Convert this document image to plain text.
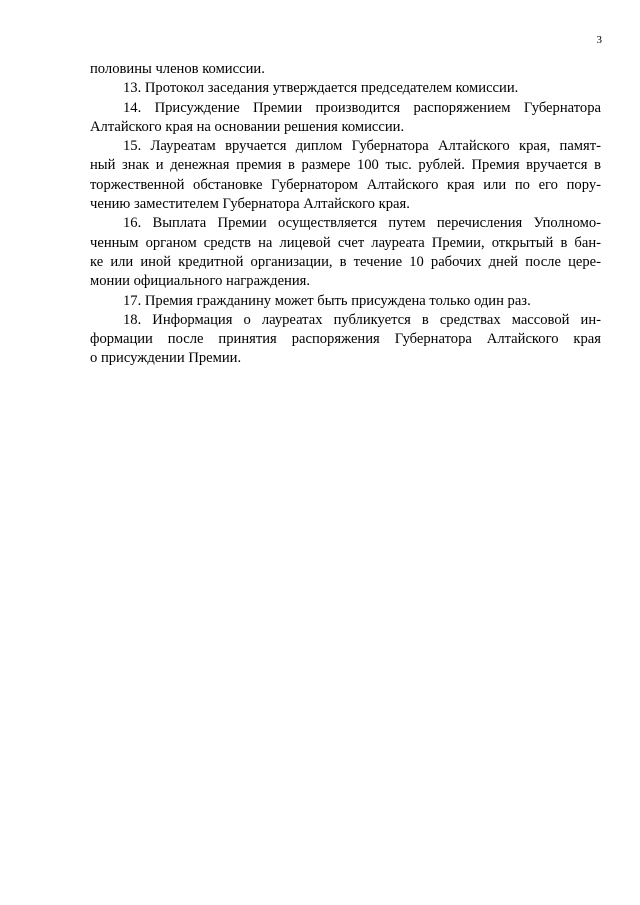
3
половины членов комиссии.
13. Протокол заседания утверждается председателем комиссии.
14. Присуждение Премии производится распоряжением Губернатора
Алтайского края на основании решения комиссии.
15. Лауреатам вручается диплом Губернатора Алтайского края, памят-
ный знак и денежная премия в размере 100 тыс. рублей. Премия вручается в
торжественной обстановке Губернатором Алтайского края или по его пору-
чению заместителем Губернатора Алтайского края.
16. Выплата Премии осуществляется путем перечисления Уполномо-
ченным органом средств на лицевой счет лауреата Премии, открытый в бан-
ке или иной кредитной организации, в течение 10 рабочих дней после цере-
монии официального награждения.
17. Премия гражданину может быть присуждена только один раз.
18. Информация о лауреатах публикуется в средствах массовой ин-
формации после принятия распоряжения Губернатора Алтайского края
о присуждении Премии.
